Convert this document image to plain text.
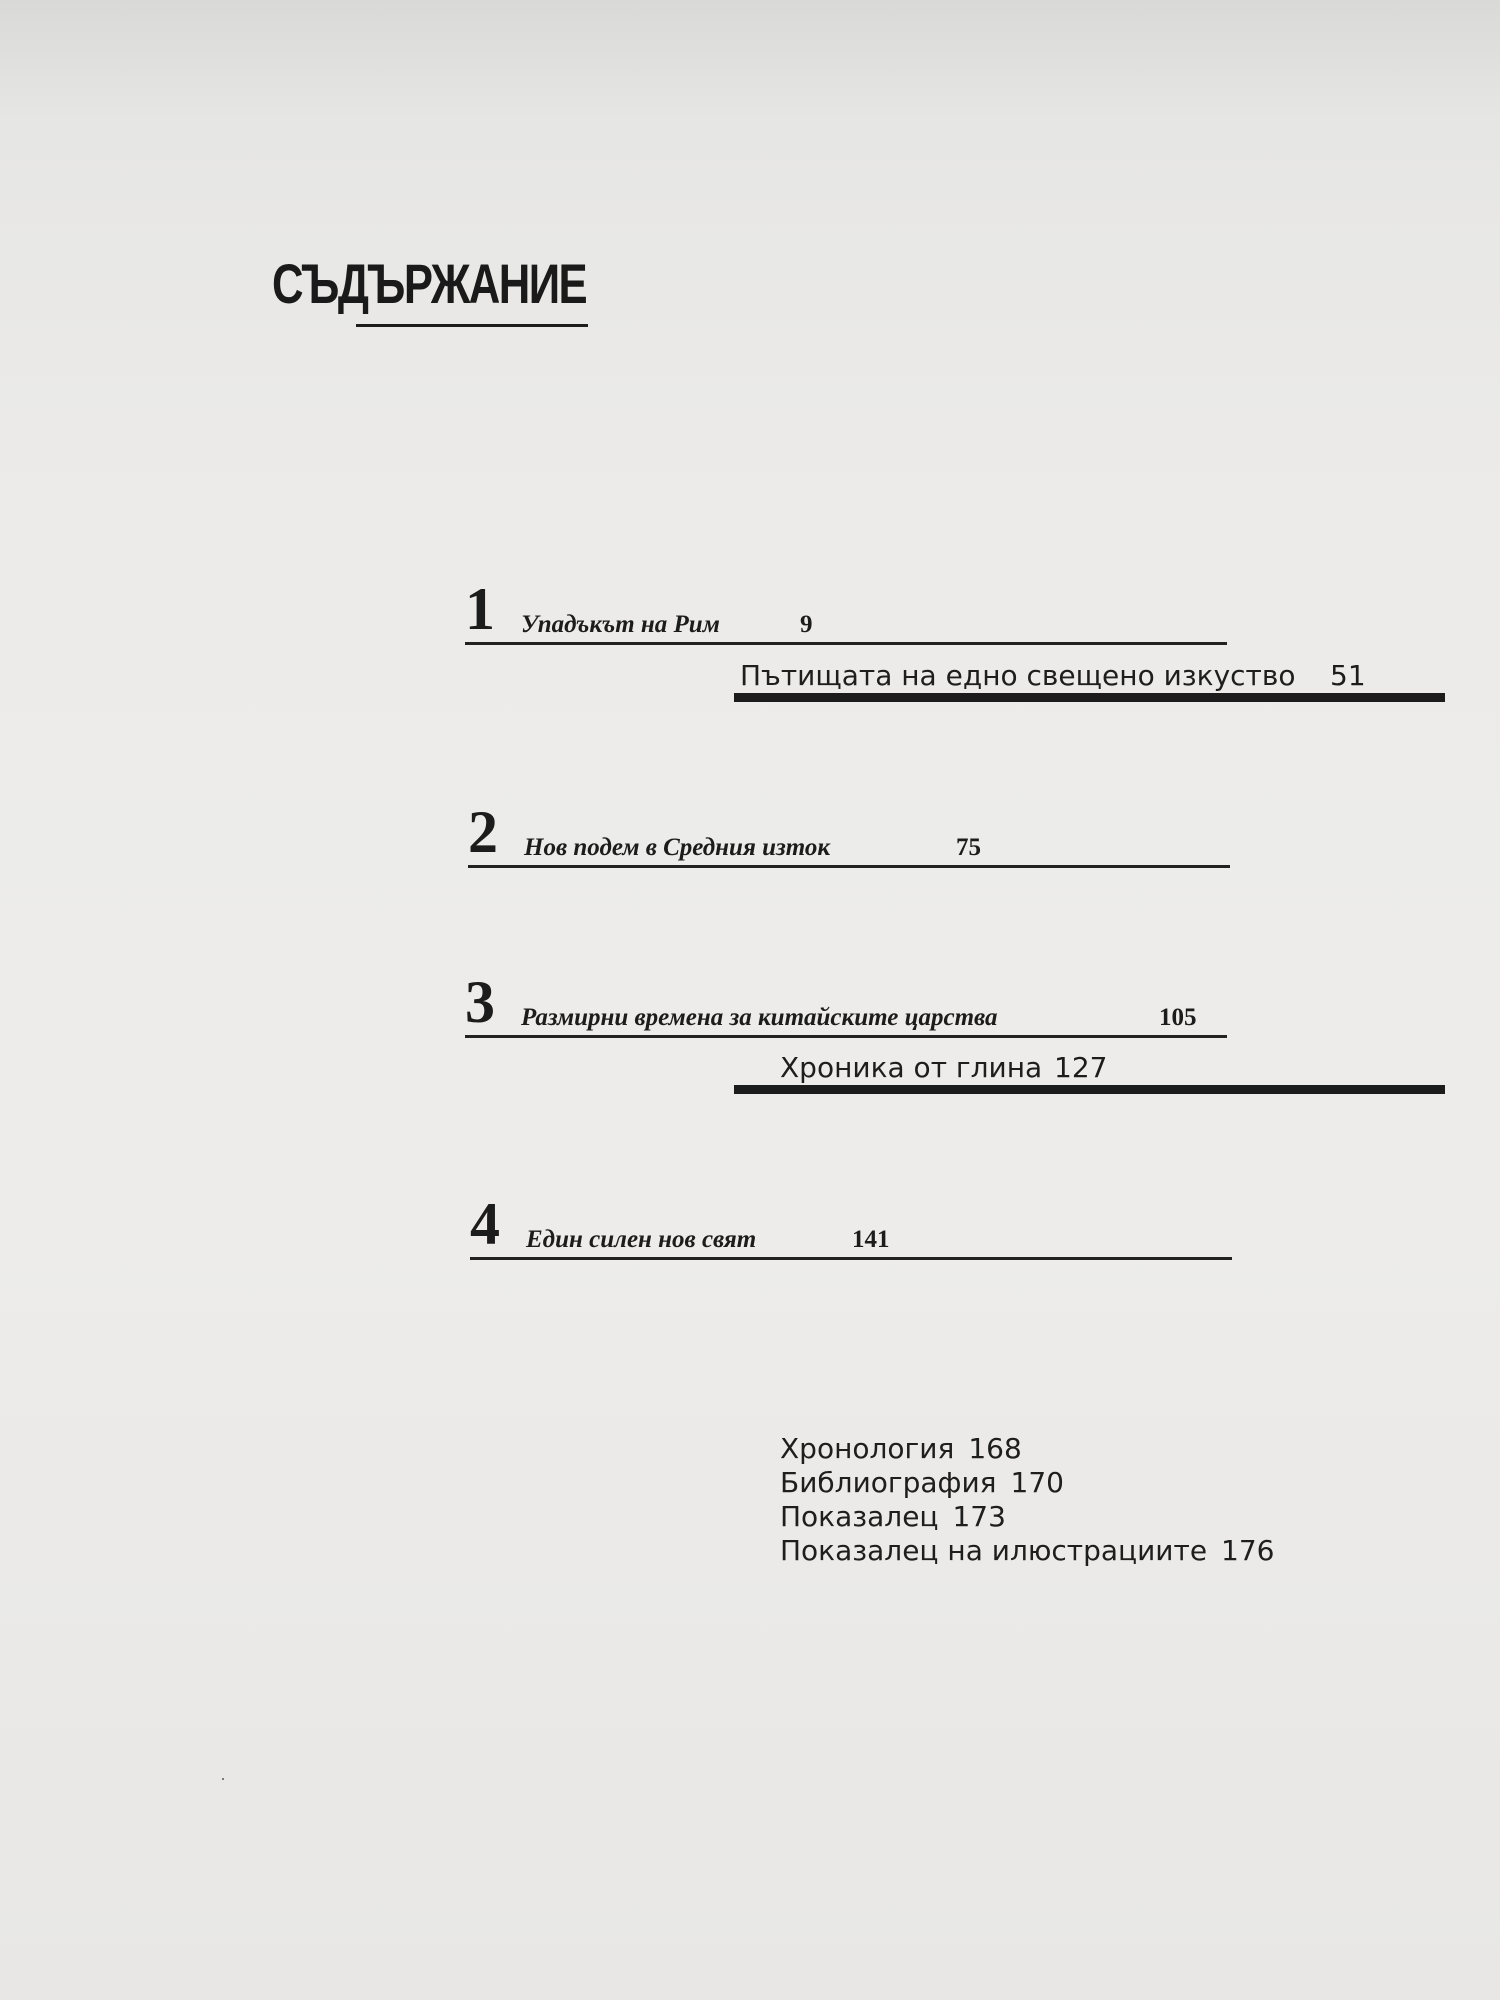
СЪДЪРЖАНИЕ
1 Упадъкът на Рим	9
Пътищата на едно свещено изкуство 51
2 Нов подем в Средния изток	75
3 Размирни времена за китайските царства	105
Хроника от глина 127
4 Един силен нов свят	141
Хронология 168
Библиография 170
Показалец 173
Показалец на илюстрациите 176
